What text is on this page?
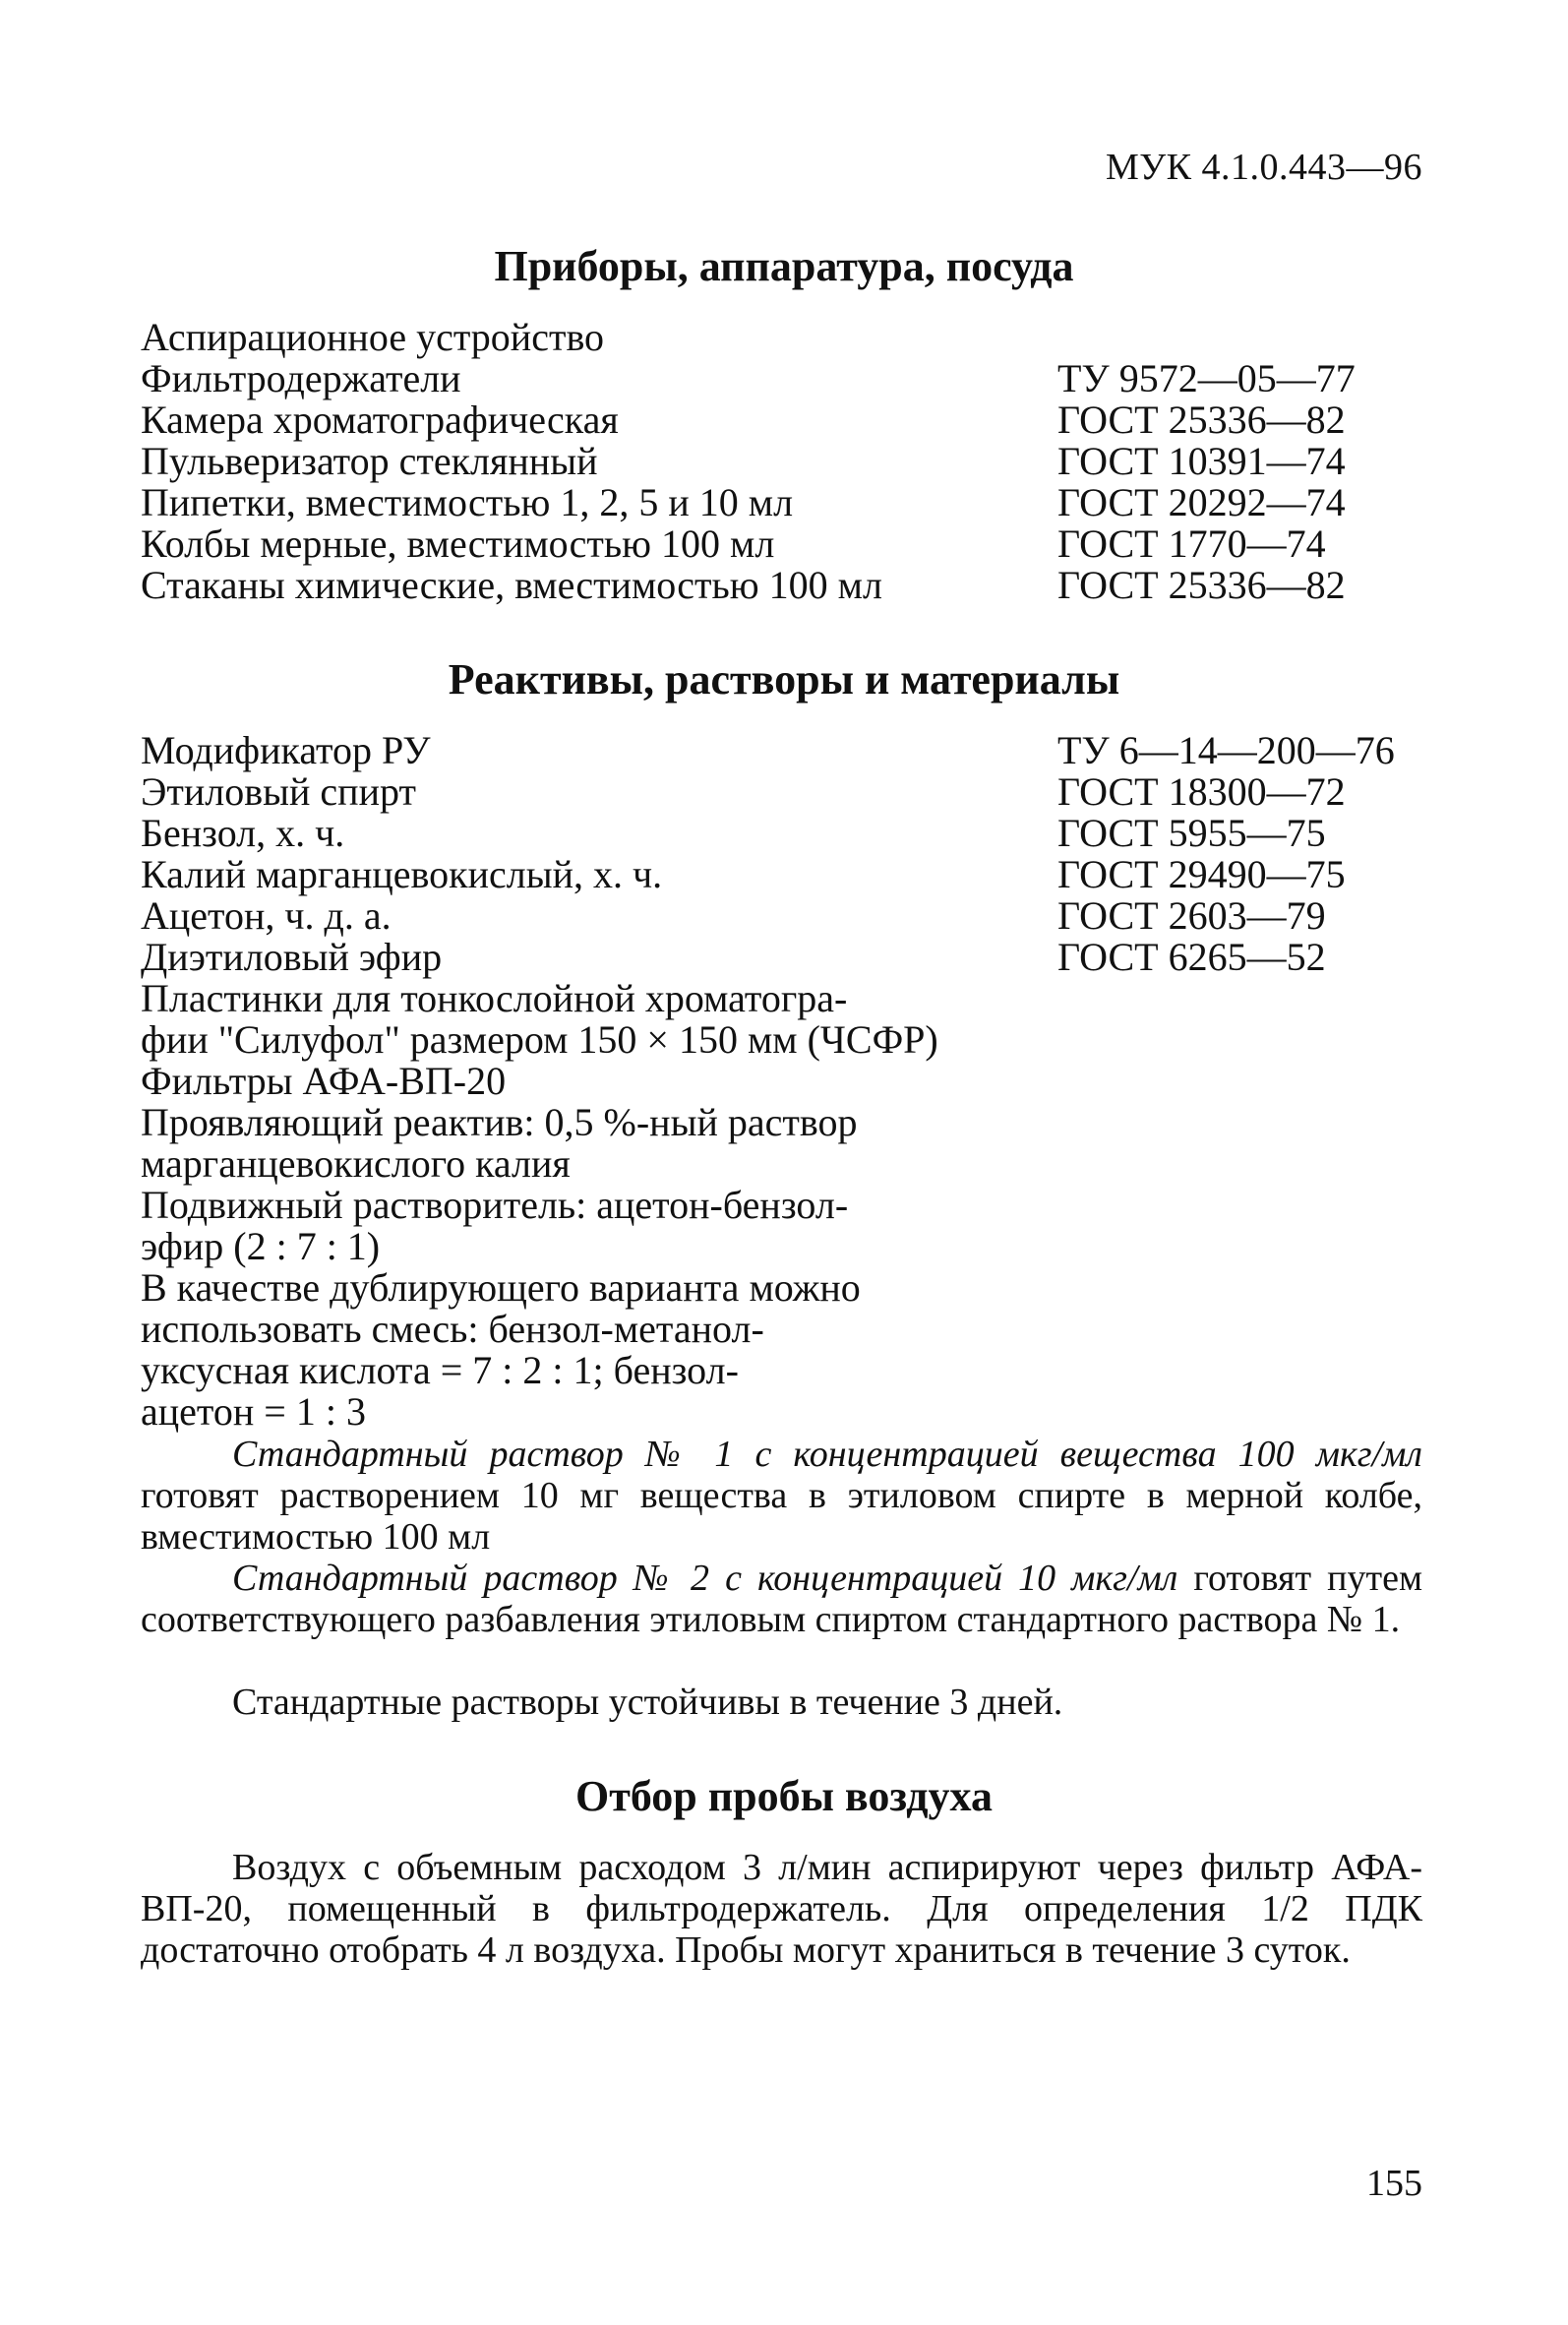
МУК 4.1.0.443—96
Приборы, аппаратура, посуда
Аспирационное устройство
Фильтродержатели	ТУ 9572—05—77
Камера хроматографическая	ГОСТ 25336—82
Пульверизатор стеклянный	ГОСТ 10391—74
Пипетки, вместимостью 1, 2, 5 и 10 мл	ГОСТ 20292—74
Колбы мерные, вместимостью 100 мл	ГОСТ 1770—74
Стаканы химические, вместимостью 100 мл	ГОСТ 25336—82
Реактивы, растворы и материалы
Модификатор РУ	ТУ 6—14—200—76
Этиловый спирт	ГОСТ 18300—72
Бензол, х. ч.	ГОСТ 5955—75
Калий марганцевокислый, х. ч.	ГОСТ 29490—75
Ацетон, ч. д. а.	ГОСТ 2603—79
Диэтиловый эфир	ГОСТ 6265—52
Пластинки для тонкослойной хроматогра-
фии "Силуфол" размером 150 × 150 мм (ЧСФР)
Фильтры АФА-ВП-20
Проявляющий реактив: 0,5 %-ный раствор
марганцевокислого калия
Подвижный растворитель: ацетон-бензол-
эфир (2 : 7 : 1)
В качестве дублирующего варианта можно
использовать смесь: бензол-метанол-
уксусная кислота = 7 : 2 : 1; бензол-
ацетон = 1 : 3
Стандартный раствор № 1 с концентрацией вещества 100 мкг/мл готовят растворением 10 мг вещества в этиловом спирте в мерной колбе, вместимостью 100 мл
Стандартный раствор № 2 с концентрацией 10 мкг/мл готовят путем соответствующего разбавления этиловым спиртом стандартного раствора № 1.
Стандартные растворы устойчивы в течение 3 дней.
Отбор пробы воздуха
Воздух с объемным расходом 3 л/мин аспирируют через фильтр АФА-ВП-20, помещенный в фильтродержатель. Для определения 1/2 ПДК достаточно отобрать 4 л воздуха. Пробы могут храниться в течение 3 суток.
155
